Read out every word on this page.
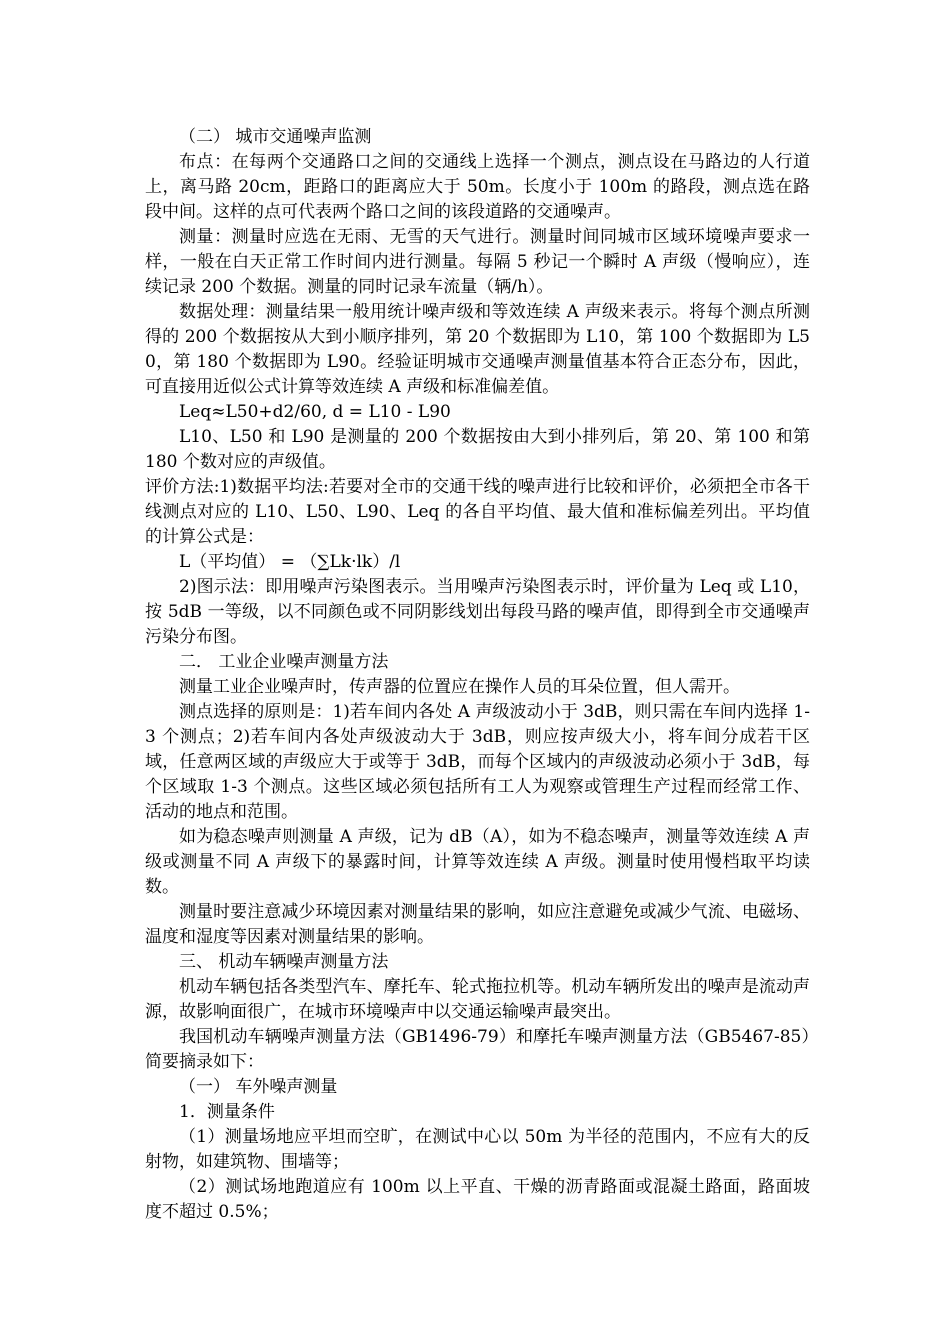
（二） 城市交通噪声监测

布点：在每两个交通路口之间的交通线上选择一个测点，测点设在马路边的人行道上，离马路 20cm，距路口的距离应大于 50m。长度小于 100m 的路段，测点选在路段中间。这样的点可代表两个路口之间的该段道路的交通噪声。

测量：测量时应选在无雨、无雪的天气进行。测量时间同城市区域环境噪声要求一样，一般在白天正常工作时间内进行测量。每隔 5 秒记一个瞬时 A 声级（慢响应），连续记录 200 个数据。测量的同时记录车流量（辆/h）。

数据处理：测量结果一般用统计噪声级和等效连续 A 声级来表示。将每个测点所测得的 200 个数据按从大到小顺序排列，第 20 个数据即为 L10，第 100 个数据即为 L50，第 180 个数据即为 L90。经验证明城市交通噪声测量值基本符合正态分布，因此，可直接用近似公式计算等效连续 A 声级和标准偏差值。

Leq≈L50+d2/60, d = L10 - L90

L10、L50 和 L90 是测量的 200 个数据按由大到小排列后，第 20、第 100 和第 180 个数对应的声级值。

评价方法:1)数据平均法:若要对全市的交通干线的噪声进行比较和评价，必须把全市各干线测点对应的 L10、L50、L90、Leq 的各自平均值、最大值和准标偏差列出。平均值的计算公式是：

L（平均值） = （∑Lk·lk）/l

2)图示法：即用噪声污染图表示。当用噪声污染图表示时，评价量为 Leq 或 L10，按 5dB 一等级，以不同颜色或不同阴影线划出每段马路的噪声值，即得到全市交通噪声污染分布图。

二． 工业企业噪声测量方法

测量工业企业噪声时，传声器的位置应在操作人员的耳朵位置，但人需开。

测点选择的原则是：1)若车间内各处 A 声级波动小于 3dB，则只需在车间内选择 1-3 个测点；2)若车间内各处声级波动大于 3dB，则应按声级大小，将车间分成若干区域，任意两区域的声级应大于或等于 3dB，而每个区域内的声级波动必须小于 3dB，每个区域取 1-3 个测点。这些区域必须包括所有工人为观察或管理生产过程而经常工作、活动的地点和范围。

如为稳态噪声则测量 A 声级，记为 dB（A），如为不稳态噪声，测量等效连续 A 声级或测量不同 A 声级下的暴露时间，计算等效连续 A 声级。测量时使用慢档取平均读数。

测量时要注意减少环境因素对测量结果的影响，如应注意避免或减少气流、电磁场、温度和湿度等因素对测量结果的影响。

三、 机动车辆噪声测量方法

机动车辆包括各类型汽车、摩托车、轮式拖拉机等。机动车辆所发出的噪声是流动声源，故影响面很广，在城市环境噪声中以交通运输噪声最突出。

我国机动车辆噪声测量方法（GB1496-79）和摩托车噪声测量方法（GB5467-85）简要摘录如下：

（一） 车外噪声测量

1．测量条件

（1）测量场地应平坦而空旷，在测试中心以 50m 为半径的范围内，不应有大的反射物，如建筑物、围墙等；

（2）测试场地跑道应有 100m 以上平直、干燥的沥青路面或混凝土路面，路面坡度不超过 0.5%；
